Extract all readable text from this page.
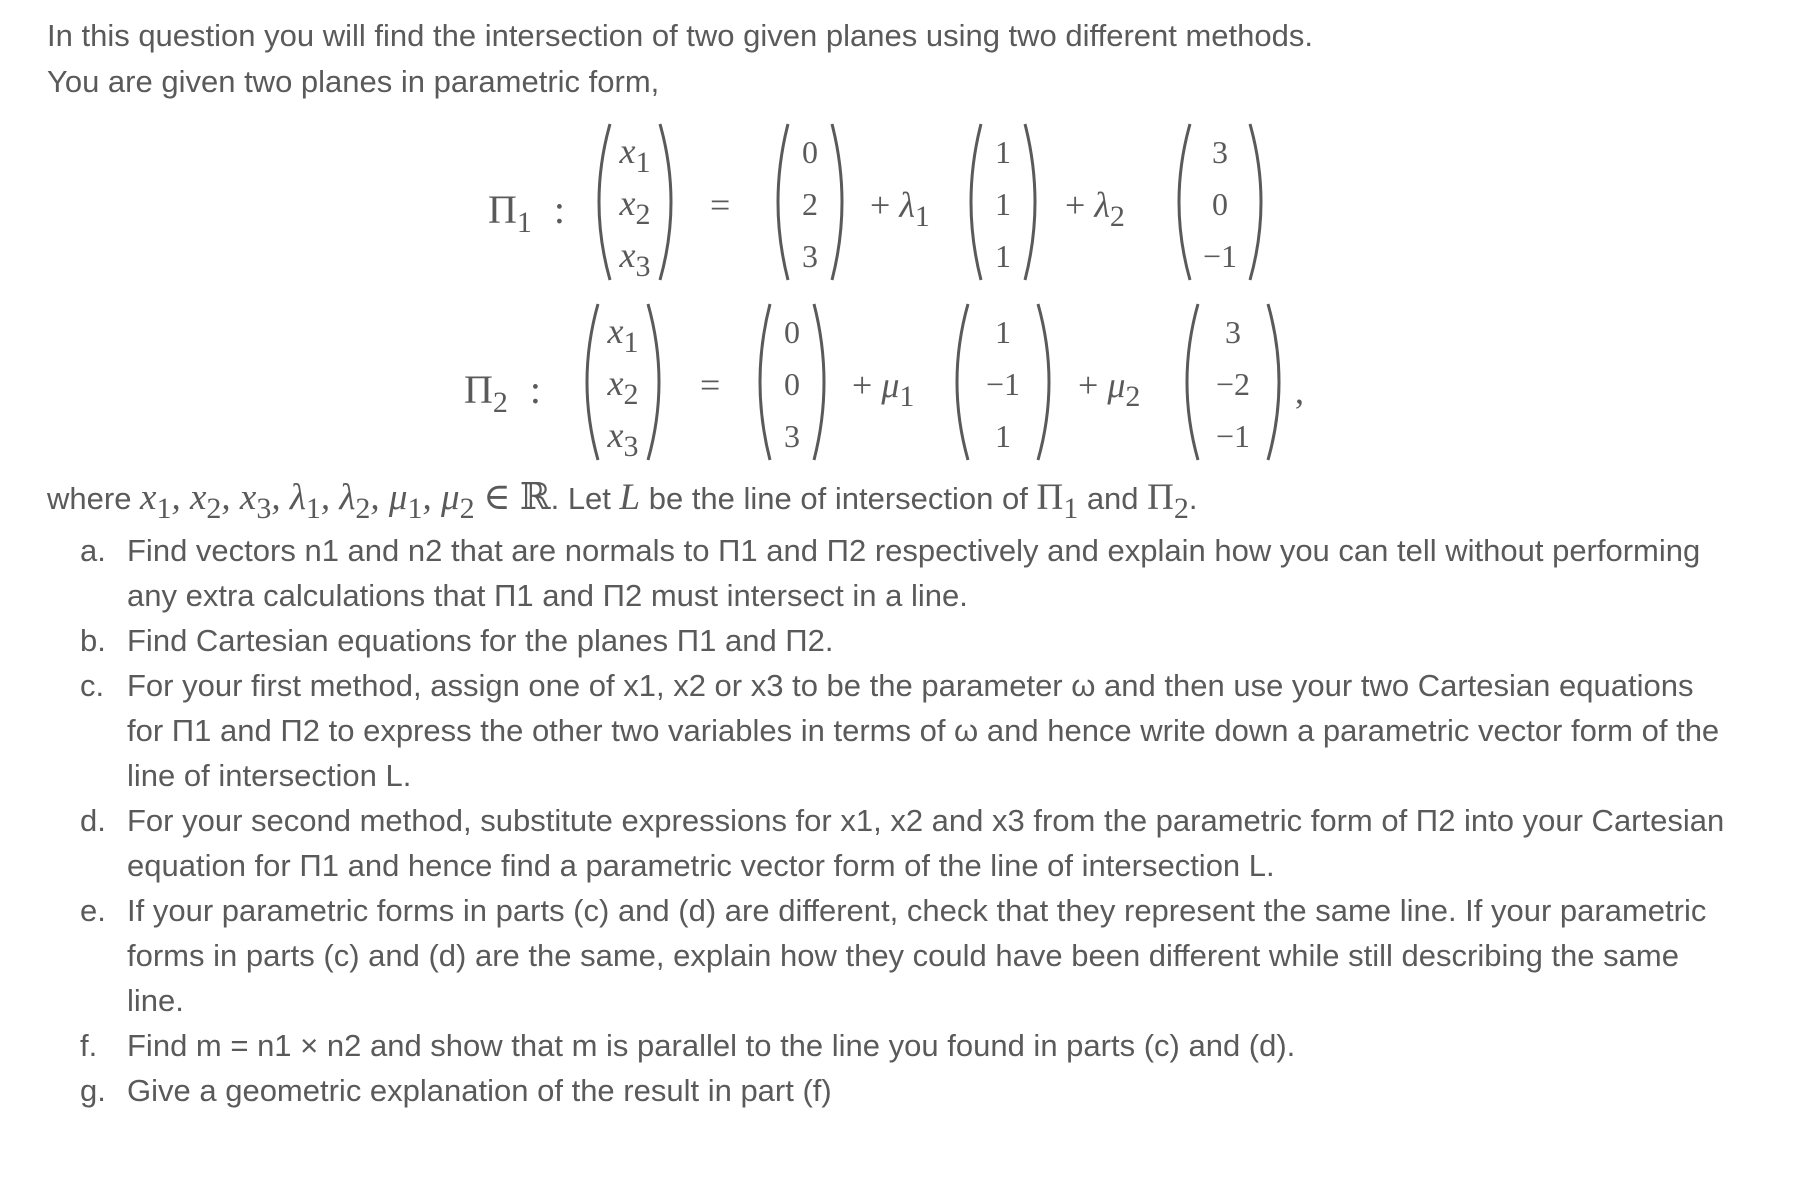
In this question you will find the intersection of two given planes using two different methods.
You are given two planes in parametric form,
$\Pi_1$ :
$x_1$
$x_2$
$x_3$
=
0
2
3
+ $\lambda_1$
1
1
1
+ $\lambda_2$
3
0
−1
$\Pi_2$ :
$x_1$
$x_2$
$x_3$
=
0
0
3
+ $\mu_1$
1
−1
1
+ $\mu_2$
3
−2
−1
,
where $x_1$, $x_2$, $x_3$, $\lambda_1$, $\lambda_2$, $\mu_1$, $\mu_2$ ∈ ℝ. Let L be the line of intersection of $\Pi_1$ and $\Pi_2$.
a. Find vectors n1 and n2 that are normals to Π1 and Π2 respectively and explain how you can tell without performing any extra calculations that Π1 and Π2 must intersect in a line.
b. Find Cartesian equations for the planes Π1 and Π2.
c. For your first method, assign one of x1, x2 or x3 to be the parameter ω and then use your two Cartesian equations for Π1 and Π2 to express the other two variables in terms of ω and hence write down a parametric vector form of the line of intersection L.
d. For your second method, substitute expressions for x1, x2 and x3 from the parametric form of Π2 into your Cartesian equation for Π1 and hence find a parametric vector form of the line of intersection L.
e. If your parametric forms in parts (c) and (d) are different, check that they represent the same line. If your parametric forms in parts (c) and (d) are the same, explain how they could have been different while still describing the same line.
f. Find m = n1 × n2 and show that m is parallel to the line you found in parts (c) and (d).
g. Give a geometric explanation of the result in part (f)
